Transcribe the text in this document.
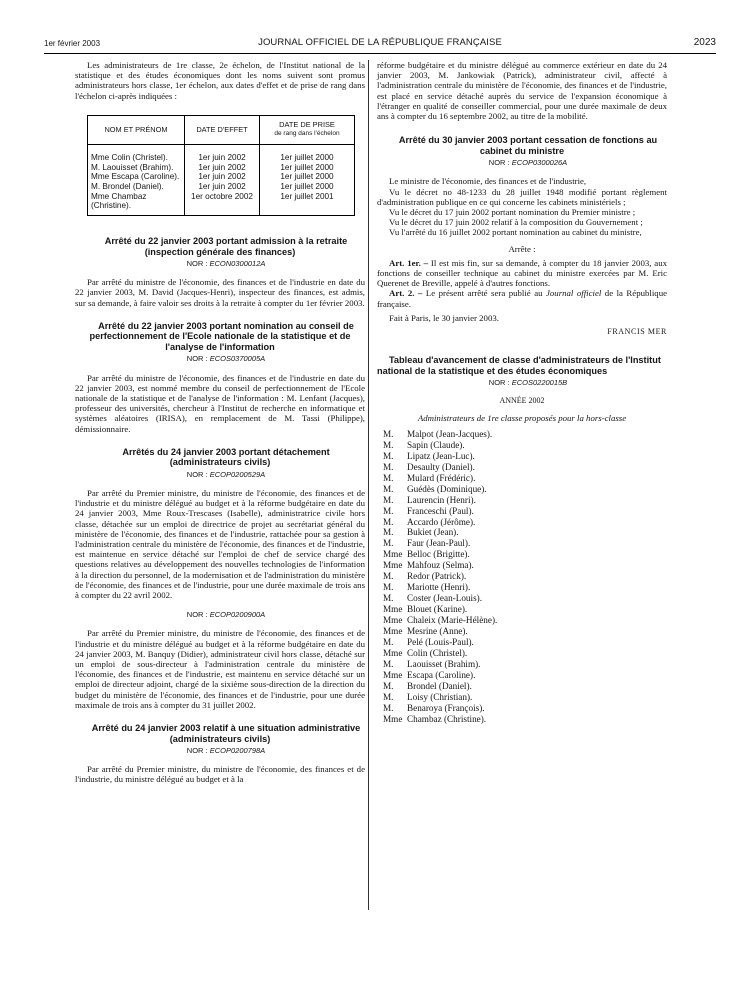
1er février 2003	JOURNAL OFFICIEL DE LA RÉPUBLIQUE FRANÇAISE	2023

Les administrateurs de 1re classe, 2e échelon, de l'Institut national de la statistique et des études économiques dont les noms suivent sont promus administrateurs hors classe, 1er échelon, aux dates d'effet et de prise de rang dans l'échelon ci-après indiquées :

NOM ET PRÉNOM	DATE D'EFFET	DATE DE PRISE
de rang dans l'échelon

Mme Colin (Christel).	1er juin 2002	1er juillet 2000
M. Laouisset (Brahim).	1er juin 2002	1er juillet 2000
Mme Escapa (Caroline).	1er juin 2002	1er juillet 2000
M. Brondel (Daniel).	1er juin 2002	1er juillet 2000
Mme Chambaz (Christine).	1er octobre 2002	1er juillet 2001

Arrêté du 22 janvier 2003 portant admission à la retraite (inspection générale des finances)

NOR : ECON0300012A

Par arrêté du ministre de l'économie, des finances et de l'industrie en date du 22 janvier 2003, M. David (Jacques-Henri), inspecteur des finances, est admis, sur sa demande, à faire valoir ses droits à la retraite à compter du 1er février 2003.

Arrêté du 22 janvier 2003 portant nomination au conseil de perfectionnement de l'Ecole nationale de la statistique et de l'analyse de l'information

NOR : ECOS0370005A

Par arrêté du ministre de l'économie, des finances et de l'industrie en date du 22 janvier 2003, est nommé membre du conseil de perfectionnement de l'Ecole nationale de la statistique et de l'analyse de l'information : M. Lenfant (Jacques), professeur des universités, chercheur à l'Institut de recherche en informatique et systèmes aléatoires (IRISA), en remplacement de M. Tassi (Philippe), démissionnaire.

Arrêtés du 24 janvier 2003 portant détachement (administrateurs civils)

NOR : ECOP0200529A

Par arrêté du Premier ministre, du ministre de l'économie, des finances et de l'industrie et du ministre délégué au budget et à la réforme budgétaire en date du 24 janvier 2003, Mme Roux-Trescases (Isabelle), administratrice civile hors classe, détachée sur un emploi de directrice de projet au secrétariat général du ministère de l'économie, des finances et de l'industrie, rattachée pour sa gestion à l'administration centrale du ministère de l'économie, des finances et de l'industrie, est maintenue en service détaché sur l'emploi de chef de service chargé des questions relatives au développement des nouvelles technologies de l'information à la direction du personnel, de la modernisation et de l'administration du ministère de l'économie, des finances et de l'industrie, pour une durée maximale de trois ans à compter du 22 avril 2002.

NOR : ECOP0200900A

Par arrêté du Premier ministre, du ministre de l'économie, des finances et de l'industrie et du ministre délégué au budget et à la réforme budgétaire en date du 24 janvier 2003, M. Banquy (Didier), administrateur civil hors classe, détaché sur un emploi de sous-directeur à l'administration centrale du ministère de l'économie, des finances et de l'industrie, est maintenu en service détaché sur un emploi de directeur adjoint, chargé de la sixième sous-direction de la direction du budget du ministère de l'économie, des finances et de l'industrie, pour une durée maximale de trois ans à compter du 31 juillet 2002.

Arrêté du 24 janvier 2003 relatif à une situation administrative (administrateurs civils)

NOR : ECOP0200798A

Par arrêté du Premier ministre, du ministre de l'économie, des finances et de l'industrie, du ministre délégué au budget et à la

réforme budgétaire et du ministre délégué au commerce extérieur en date du 24 janvier 2003, M. Jankowiak (Patrick), administrateur civil, affecté à l'administration centrale du ministère de l'économie, des finances et de l'industrie, est placé en service détaché auprès du service de l'expansion économique à l'étranger en qualité de conseiller commercial, pour une durée maximale de deux ans à compter du 16 septembre 2002, au titre de la mobilité.

Arrêté du 30 janvier 2003 portant cessation de fonctions au cabinet du ministre

NOR : ECOP0300026A

Le ministre de l'économie, des finances et de l'industrie,

Vu le décret no 48-1233 du 28 juillet 1948 modifié portant règlement d'administration publique en ce qui concerne les cabinets ministériels ;

Vu le décret du 17 juin 2002 portant nomination du Premier ministre ;

Vu le décret du 17 juin 2002 relatif à la composition du Gouvernement ;

Vu l'arrêté du 16 juillet 2002 portant nomination au cabinet du ministre,

Arrête :

Art. 1er. – Il est mis fin, sur sa demande, à compter du 18 janvier 2003, aux fonctions de conseiller technique au cabinet du ministre exercées par M. Eric Querenet de Breville, appelé à d'autres fonctions.

Art. 2. – Le présent arrêté sera publié au Journal officiel de la République française.

Fait à Paris, le 30 janvier 2003.

FRANCIS MER

Tableau d'avancement de classe d'administrateurs de l'Institut national de la statistique et des études économiques

NOR : ECOS0220015B

ANNÉE 2002

Administrateurs de 1re classe proposés pour la hors-classe

M. Malpot (Jean-Jacques).
M. Sapin (Claude).
M. Lipatz (Jean-Luc).
M. Desaulty (Daniel).
M. Mulard (Frédéric).
M. Guédès (Dominique).
M. Laurencin (Henri).
M. Franceschi (Paul).
M. Accardo (Jérôme).
M. Bukiet (Jean).
M. Faur (Jean-Paul).
Mme Belloc (Brigitte).
Mme Mahfouz (Selma).
M. Redor (Patrick).
M. Mariotte (Henri).
M. Coster (Jean-Louis).
Mme Blouet (Karine).
Mme Chaleix (Marie-Hélène).
Mme Mesrine (Anne).
M. Pelé (Louis-Paul).
Mme Colin (Christel).
M. Laouisset (Brahim).
Mme Escapa (Caroline).
M. Brondel (Daniel).
M. Loisy (Christian).
M. Benaroya (François).
Mme Chambaz (Christine).
